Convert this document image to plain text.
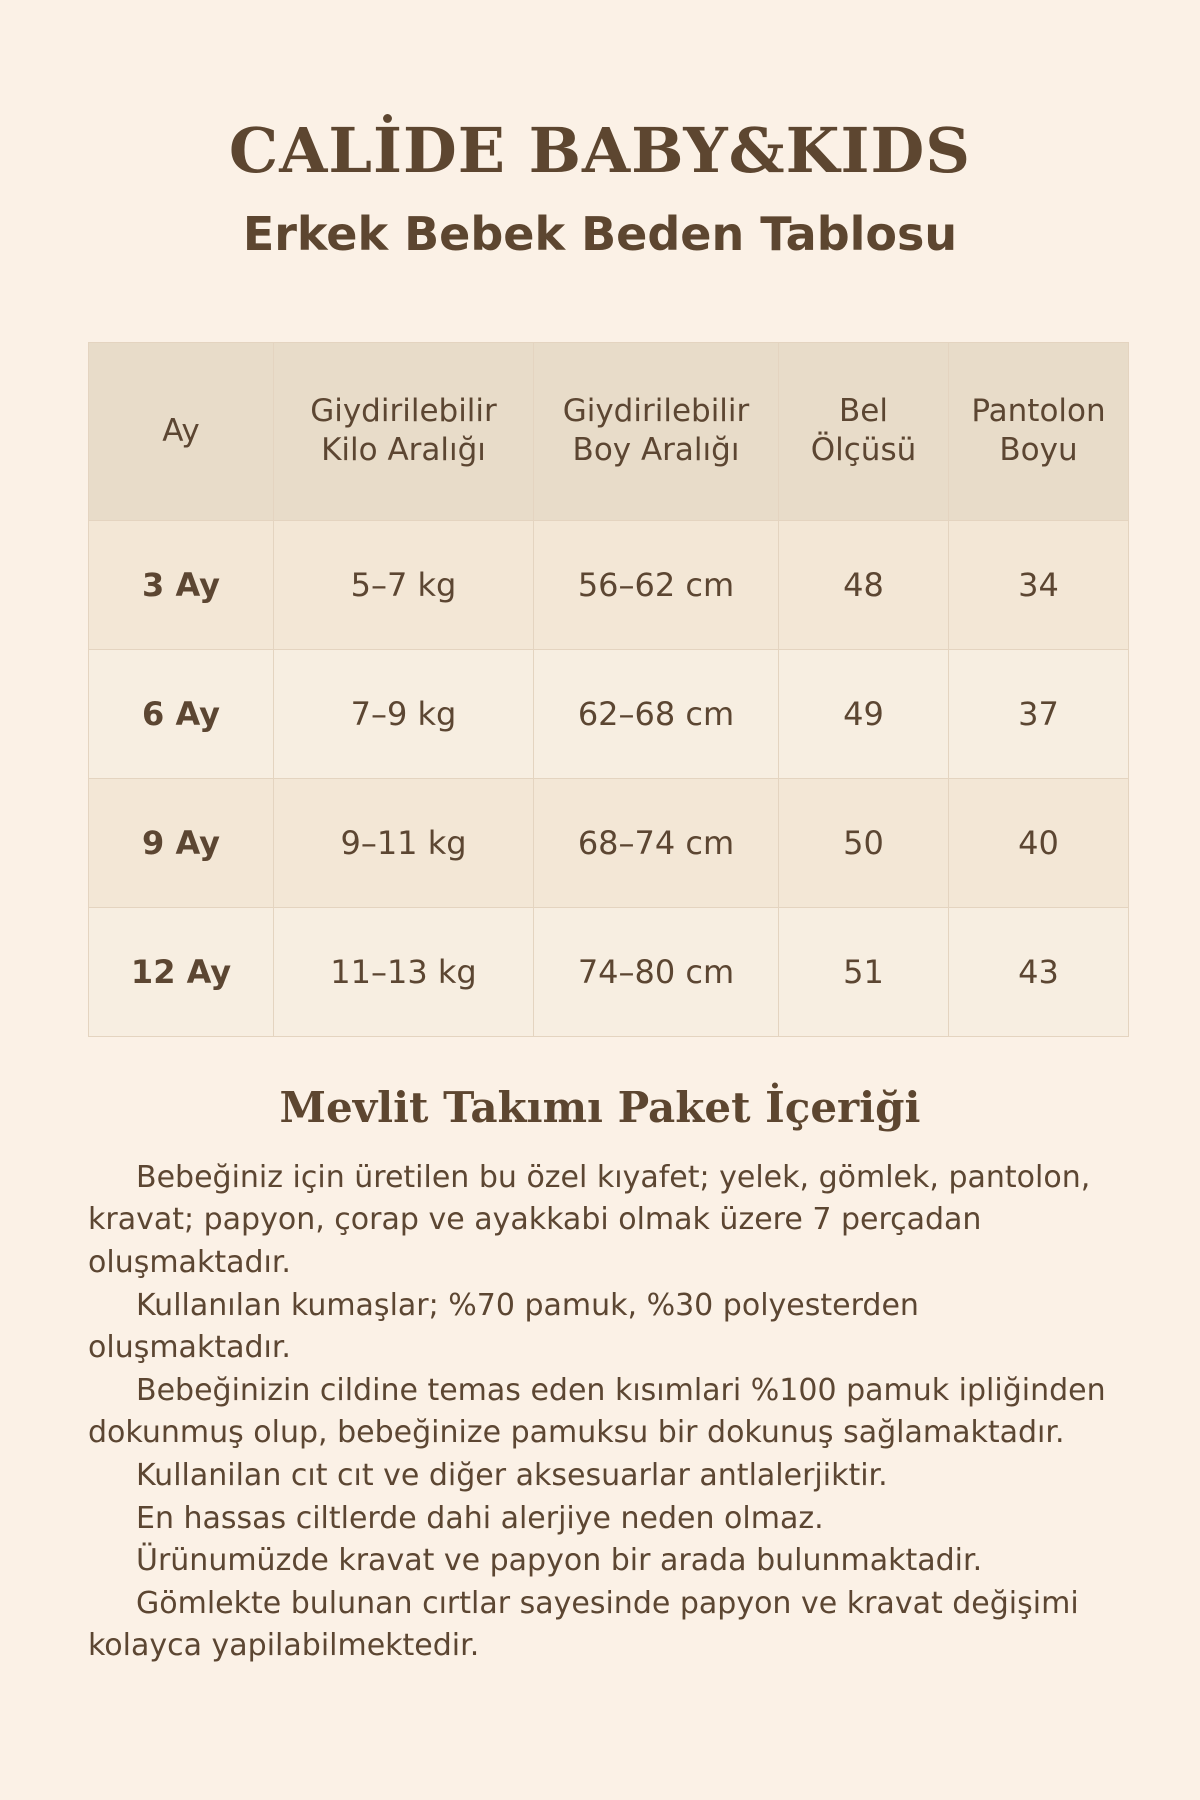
CALİDE BABY&KIDS
Erkek Bebek Beden Tablosu
Ay	Giydirilebilir Kilo Aralığı	Giydirilebilir Boy Aralığı	Bel Ölçüsü	Pantolon Boyu
3 Ay	5–7 kg	56–62 cm	48	34
6 Ay	7–9 kg	62–68 cm	49	37
9 Ay	9–11 kg	68–74 cm	50	40
12 Ay	11–13 kg	74–80 cm	51	43
Mevlit Takımı Paket İçeriği

Bebeğiniz için üretilen bu özel kıyafet; yelek, gömlek, pantolon, kravat; papyon, çorap ve ayakkabi olmak üzere 7 perçadan oluşmaktadır.

Kullanılan kumaşlar; %70 pamuk, %30 polyesterden oluşmaktadır.

Bebeğinizin cildine temas eden kısımlari %100 pamuk ipliğinden dokunmuş olup, bebeğinize pamuksu bir dokunuş sağlamaktadır.

Kullanilan cıt cıt ve diğer aksesuarlar antlalerjiktir.

En hassas ciltlerde dahi alerjiye neden olmaz.

Ürünumüzde kravat ve papyon bir arada bulunmaktadir.

Gömlekte bulunan cırtlar sayesinde papyon ve kravat değişimi kolayca yapilabilmektedir.
